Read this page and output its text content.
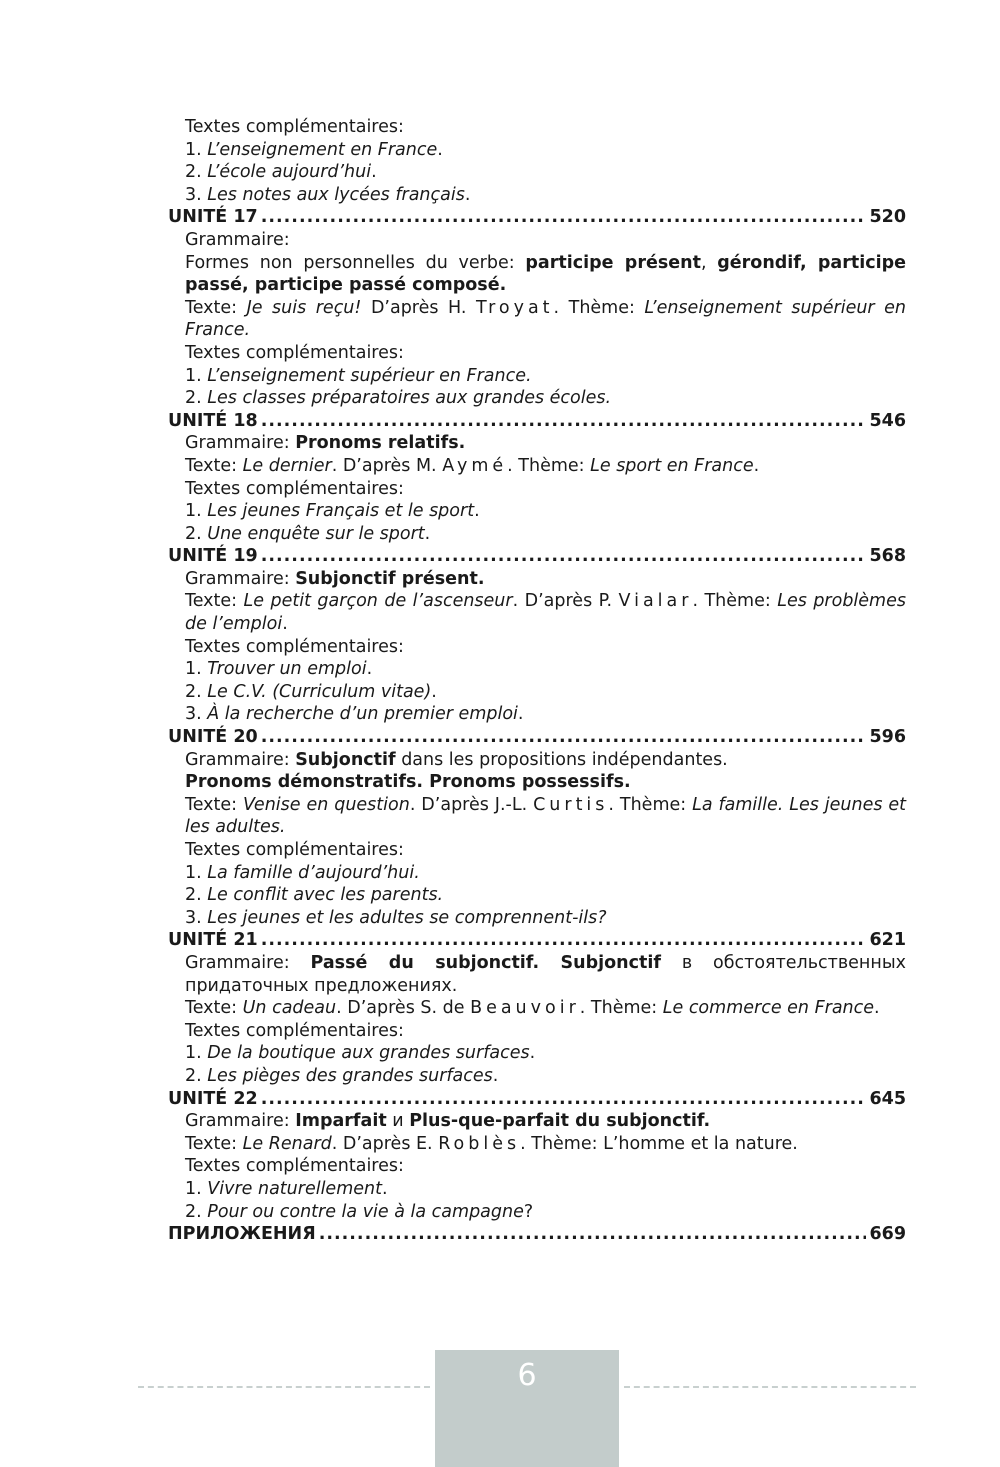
Textes complémentaires:
1. L’enseignement en France.
2. L’école aujourd’hui.
3. Les notes aux lycées français.
UNITÉ 17 .....	520
Grammaire:
Formes non personnelles du verbe: participe présent, gérondif, participe passé, participe passé composé.
Texte: Je suis reçu! D’après H. Troyat. Thème: L’enseignement supérieur en France.
Textes complémentaires:
1. L’enseignement supérieur en France.
2. Les classes préparatoires aux grandes écoles.
UNITÉ 18 .....	546
Grammaire: Pronoms relatifs.
Texte: Le dernier. D’après M. Aymé. Thème: Le sport en France.
Textes complémentaires:
1. Les jeunes Français et le sport.
2. Une enquête sur le sport.
UNITÉ 19 .....	568
Grammaire: Subjonctif présent.
Texte: Le petit garçon de l’ascenseur. D’après P. Vialar. Thème: Les problèmes de l’emploi.
Textes complémentaires:
1. Trouver un emploi.
2. Le C.V. (Curriculum vitae).
3. À la recherche d’un premier emploi.
UNITÉ 20 .....	596
Grammaire: Subjonctif dans les propositions indépendantes.
Pronoms démonstratifs. Pronoms possessifs.
Texte: Venise en question. D’après J.-L. Curtis. Thème: La famille. Les jeunes et les adultes.
Textes complémentaires:
1. La famille d’aujourd’hui.
2. Le conflit avec les parents.
3. Les jeunes et les adultes se comprennent-ils?
UNITÉ 21 .....	621
Grammaire: Passé du subjonctif. Subjonctif в обстоятельственных придаточных предложениях.
Texte: Un cadeau. D’après S. de Beauvoir. Thème: Le commerce en France.
Textes complémentaires:
1. De la boutique aux grandes surfaces.
2. Les pièges des grandes surfaces.
UNITÉ 22 .....	645
Grammaire: Imparfait и Plus-que-parfait du subjonctif.
Texte: Le Renard. D’après E. Roblès. Thème: L’homme et la nature.
Textes complémentaires:
1. Vivre naturellement.
2. Pour ou contre la vie à la campagne?
ПРИЛОЖЕНИЯ .....	669
6
